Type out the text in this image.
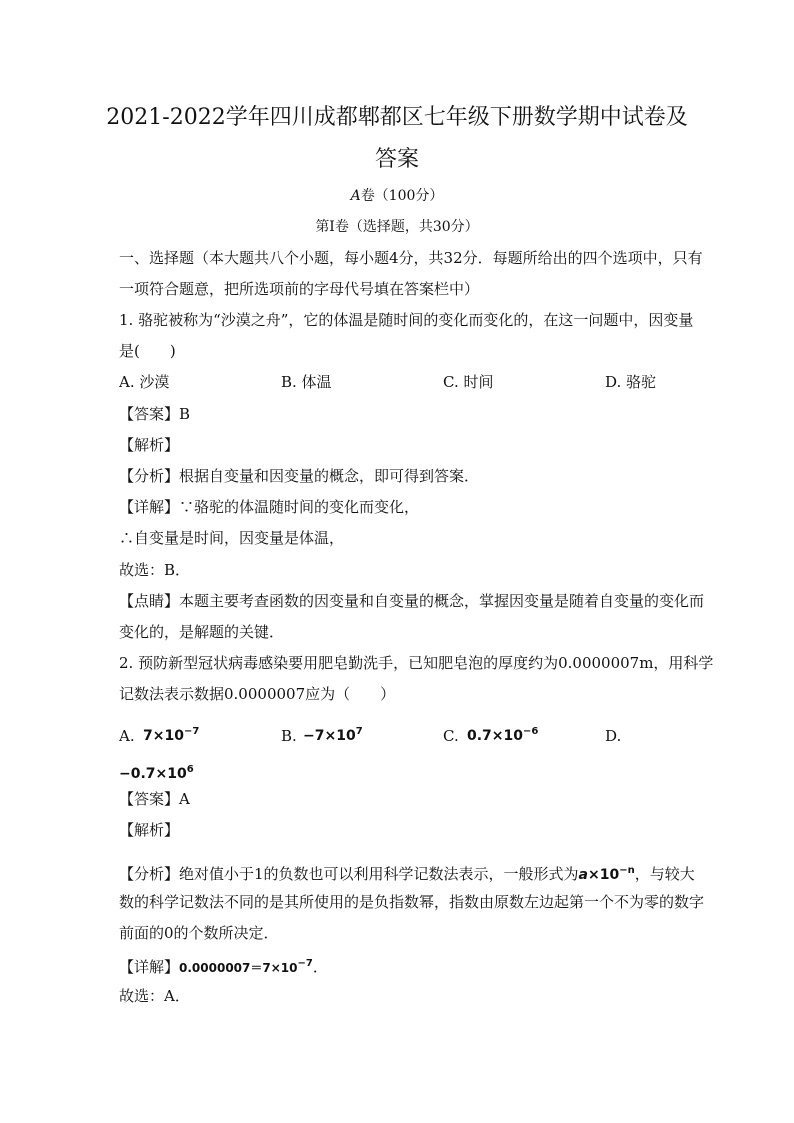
2021-2022学年四川成都郫都区七年级下册数学期中试卷及
答案
A卷（100分）
第Ⅰ卷（选择题，共30分）
一、选择题（本大题共八个小题，每小题4分，共32分．每题所给出的四个选项中，只有
一项符合题意，把所选项前的字母代号填在答案栏中）
1. 骆驼被称为“沙漠之舟”，它的体温是随时间的变化而变化的，在这一问题中，因变量
是(　　)
A. 沙漠	B. 体温	C. 时间	D. 骆驼
【答案】B
【解析】
【分析】根据自变量和因变量的概念，即可得到答案．
【详解】∵骆驼的体温随时间的变化而变化，
∴自变量是时间，因变量是体温，
故选：B．
【点睛】本题主要考查函数的因变量和自变量的概念，掌握因变量是随着自变量的变化而
变化的，是解题的关键．
2. 预防新型冠状病毒感染要用肥皂勤洗手，已知肥皂泡的厚度约为0.0000007m，用科学
记数法表示数据0.0000007应为（　　）
A. $7\times 10^{-7}$	B. $-7\times 10^7$	C. $0.7\times 10^{-6}$	D.
$-0.7\times 10^6$
【答案】A
【解析】
【分析】绝对值小于1的负数也可以利用科学记数法表示，一般形式为$a\times 10^{-n}$，与较大
数的科学记数法不同的是其所使用的是负指数幂，指数由原数左边起第一个不为零的数字
前面的0的个数所决定．
【详解】$0.0000007=7\times 10^{-7}$．
故选：A．
